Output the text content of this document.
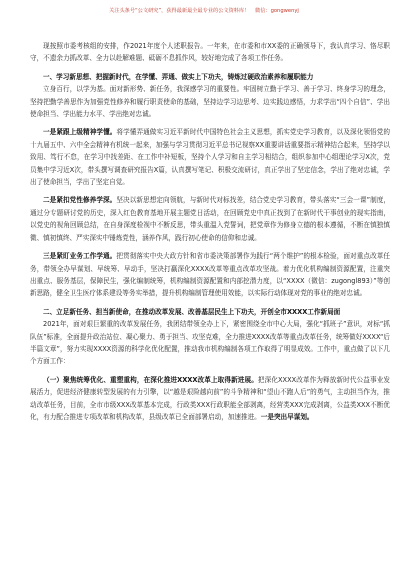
关注头条号“公文研究”，获得最新最全最专业的公文资料库！ 微信：gongwenyj

现按照市委考核组的安排，作2021年度个人述职报告。一年来，在市委和市XX委的正确领导下，我认真学习、恪尽职守，不遗余力抓改革、全力以赴解难题、砥砺不息抓作风，较好地完成了各项工作任务。

一、学习新思想、把握新时代，在学懂、弄通、做实上下功夫，铸炼过硬政治素养和履职能力

立身百行，以学为基。面对新形势、新任务，我深感学习的重要性。牢固树立勤于学习、善于学习、终身学习的理念，坚持把勤学善思作为加强党性修养和履行职责使命的基础，坚持边学习边思考、边实践边感悟，力求学出“四个自信”、学出使命担当、学出能力水平、学出绝对忠诚。

一是紧跟上级精神学懂。将学懂弄通做实习近平新时代中国特色社会主义思想，抓实党史学习教育，以及深化领悟党的十九届五中、六中全会精神有机统一起来，加强与学习贯彻习近平总书记视察XX重要讲话重要指示精神结合起来，坚持学以致用、笃行不怠，在学习中找差距、在工作中补短板，坚持个人学习和自主学习相结合，组织参加中心组理论学习X次，党员集中学习近X次，带头撰写调查研究报告X篇，认真撰写笔记、积极交流研讨，真正学出了坚定信念，学出了绝对忠诚，学出了使命担当，学出了坚定自觉。

二是紧扣党性修养学深。坚决以新思想定向领航，与新时代对标找差，结合党史学习教育，带头落实“三会一课”制度，通过分专题研讨党的历史，深入红色教育基地开展主题党日活动，在回顾党史中真正找到了在新时代干事创业的现实指南，以党史的视角回顾总结，在自身深度检视中不断反思，带头重温入党誓词，把党章作为修身立德的根本遵循，不断在慎独慎微、慎初慎终、严实深实中锤炼党性，涵养作风，践行初心使命的信仰和忠诚。

三是紧盯业务工作学通。把贯彻落实中央大政方针和省市委决策部署作为践行“两个维护”的根本检验，面对重点改革任务，带领全办早谋划、早统筹、早动手，坚决打赢深化XXXX改革等重点改革攻坚战。着力优化机构编制资源配置，注重突出重点、服务基层，保障民生，强化编制统筹，机构编制资源配置和内部挖潜力度，以“XXXX（微信：zugongl893）”等创新思路，健全卫生医疗体系建设等务实举措，提升机构编制管理使用效能，以实际行动体现对党的事业的绝对忠诚。

二、立足新任务、担当新使命，在推动改革发展、改善基层民生上下功夫，开创全市XXXX工作新局面

2021年，面对艰巨繁重的改革发展任务，我团结带领全办上下，紧密围绕全市中心大局，强化“抓班子”意识，对标“抓队伍”标准，全面提升政治站位、凝心聚力、勇于担当、攻坚克难，全力推进XXXX改革等重点改革任务，统筹做好XXXX“后半篇文章”，努力实现XXXX资源的科学化优化配置，推动我市机构编制各项工作取得了明显成效。工作中，重点做了以下几个方面工作：

（一）聚焦统筹优化、重塑重构，在深化推进XXXX改革上取得新进展。把深化XXXX改革作为释放新时代公益事业发展活力，促进经济健康转型发展的有力引擎，以“越是艰险越向前”的斗争精神和“望山不跑人后”的勇气，主动担当作为，推动改革任务，目前，全市市级XXX改革基本完成，行政类XXX行政职能全部剥离，经营类XXX完成剥离，公益类XXX不断优化，有力配合推进专项改革和机构改革，县级改革已全面部署启动，加速推进。一是突出早谋划。
